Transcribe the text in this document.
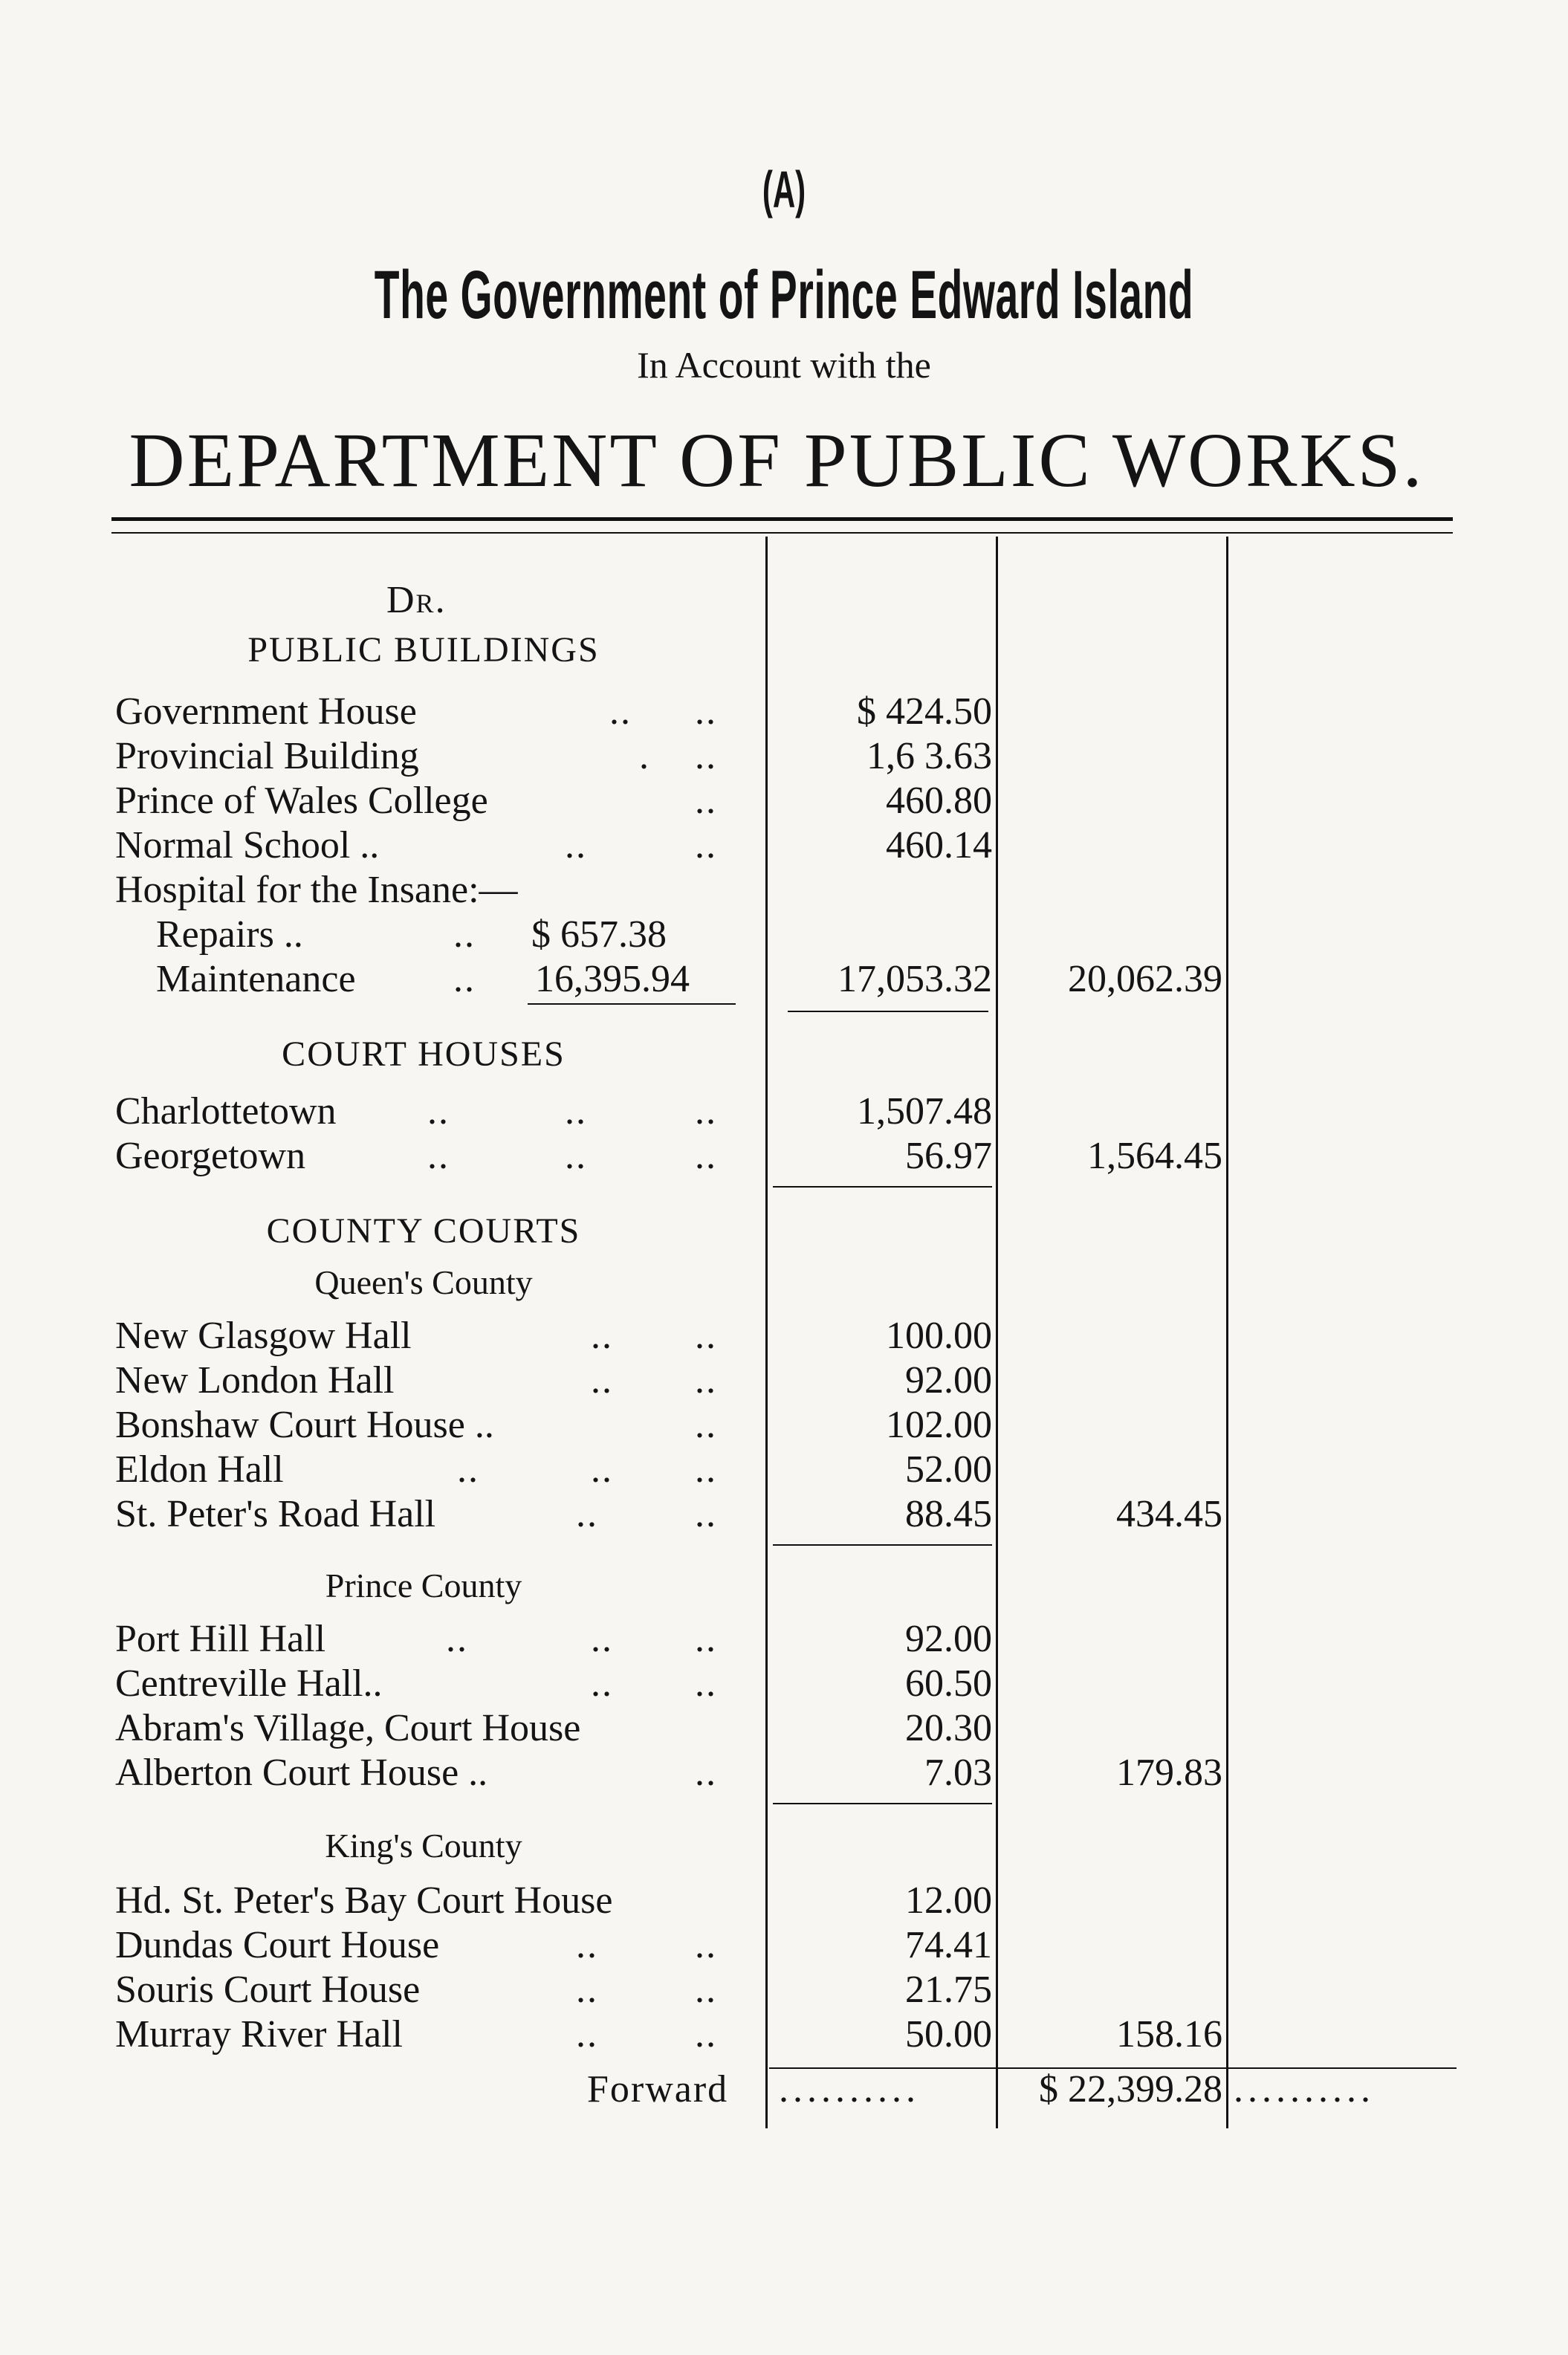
(A)
The Government of Prince Edward Island
In Account with the
DEPARTMENT OF PUBLIC WORKS.
Dr.
PUBLIC BUILDINGS
Government House	.. ..	$ 424.50
Provincial Building	. ..	1,6 3.63
Prince of Wales College	..	460.80
Normal School ..	..	..	460.14
Hospital for the Insane:—
Repairs ..	.. $ 657.38
Maintenance	.. 16,395.94	17,053.32	20,062.39
COURT HOUSES
Charlottetown ..	..	..	1,507.48
Georgetown	..	..	..	56.97	1,564.45
COUNTY COURTS
Queen's County
New Glasgow Hall	.. ..	100.00
New London Hall	.. ..	92.00
Bonshaw Court House ..	..	102.00
Eldon Hall	..	.. ..	52.00
St. Peter's Road Hall	..	..	88.45	434.45
Prince County
Port Hill Hall	..	.. ..	92.00
Centreville Hall..	.. ..	60.50
Abram's Village, Court House	20.30
Alberton Court House ..	..	7.03	179.83
King's County
Hd. St. Peter's Bay Court House	12.00
Dundas Court House	..	..	74.41
Souris Court House	..	..	21.75
Murray River Hall	..	..	50.00	158.16
Forward ..........	$ 22,399.28 ..........
